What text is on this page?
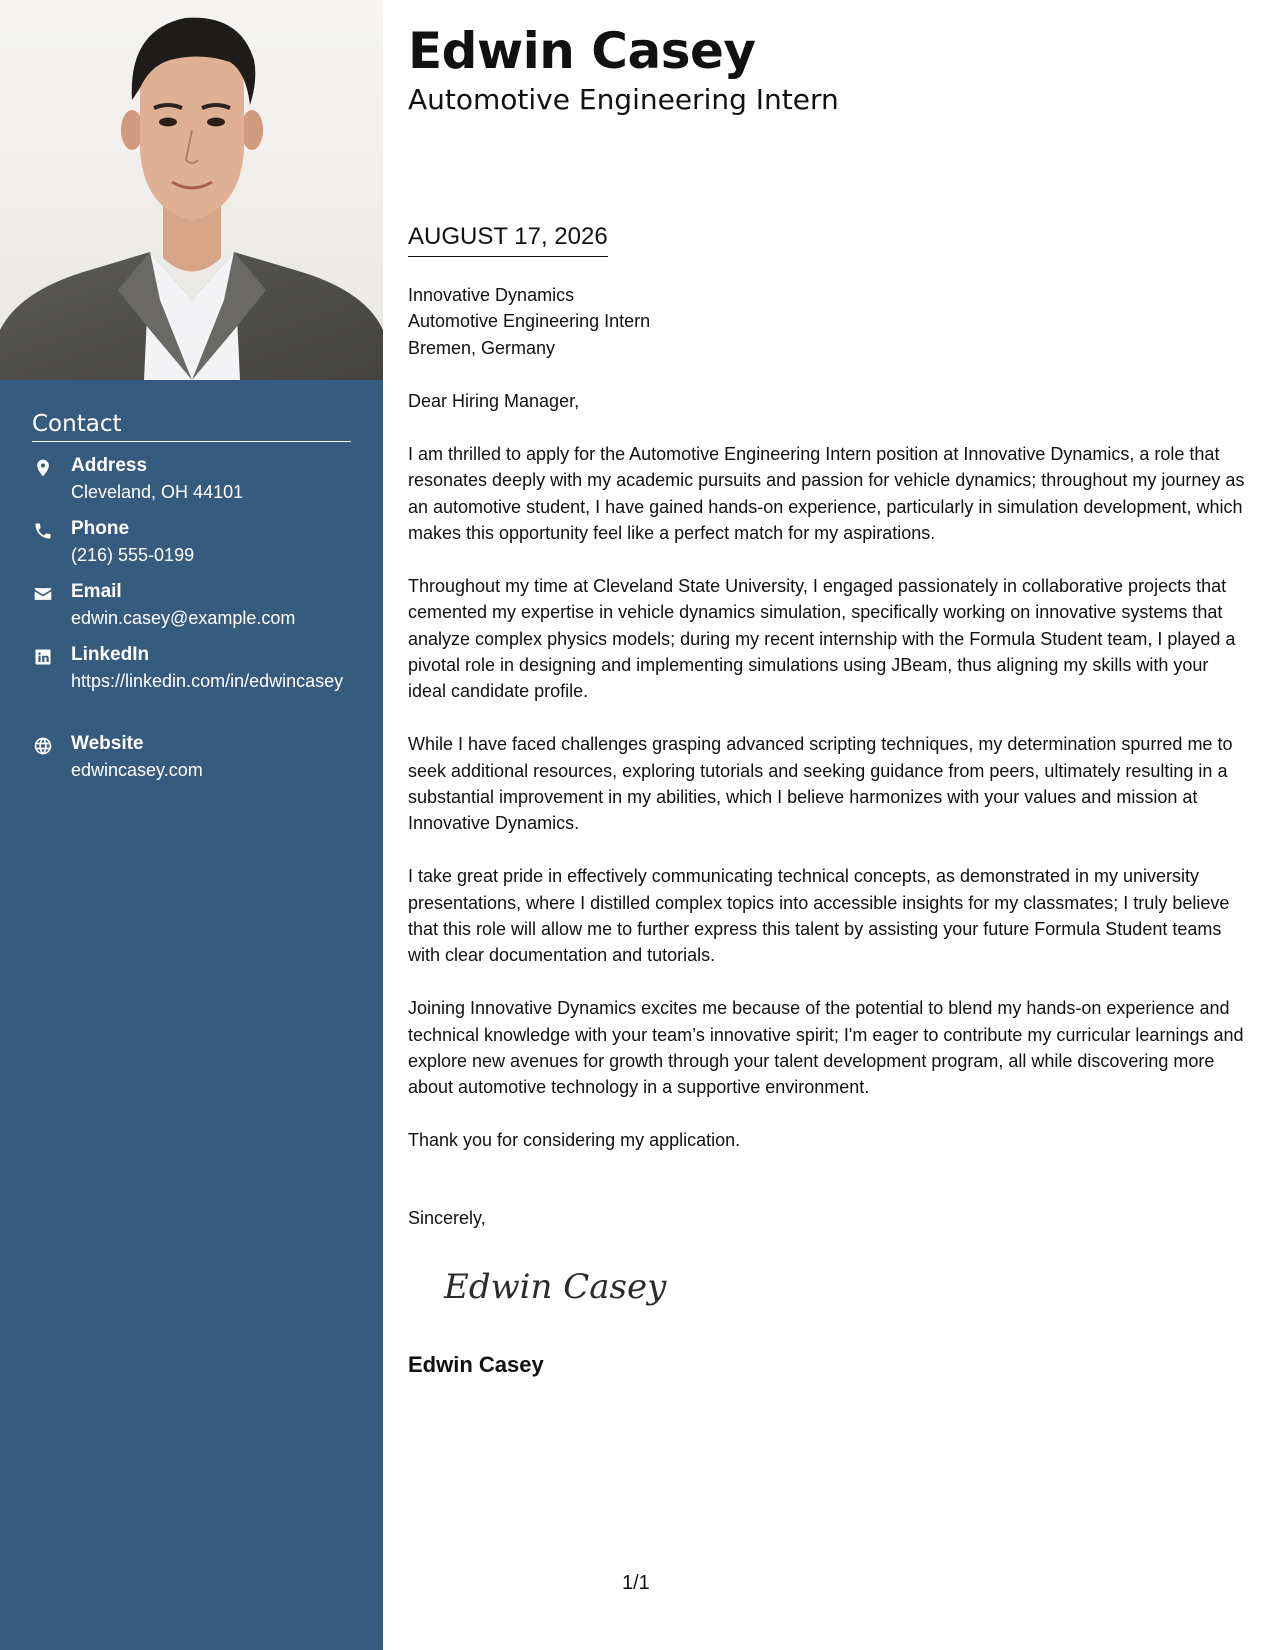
Contact
Address
Cleveland, OH 44101
Phone
(216) 555-0199
Email
edwin.casey@example.com
LinkedIn
https://linkedin.com/in/edwincasey
Website
edwincasey.com
Edwin Casey
Automotive Engineering Intern
AUGUST 17, 2026
Innovative Dynamics
Automotive Engineering Intern
Bremen, Germany

Dear Hiring Manager,

I am thrilled to apply for the Automotive Engineering Intern position at Innovative Dynamics, a role that resonates deeply with my academic pursuits and passion for vehicle dynamics; throughout my journey as an automotive student, I have gained hands-on experience, particularly in simulation development, which makes this opportunity feel like a perfect match for my aspirations.

Throughout my time at Cleveland State University, I engaged passionately in collaborative projects that cemented my expertise in vehicle dynamics simulation, specifically working on innovative systems that analyze complex physics models; during my recent internship with the Formula Student team, I played a pivotal role in designing and implementing simulations using JBeam, thus aligning my skills with your ideal candidate profile.

While I have faced challenges grasping advanced scripting techniques, my determination spurred me to seek additional resources, exploring tutorials and seeking guidance from peers, ultimately resulting in a substantial improvement in my abilities, which I believe harmonizes with your values and mission at Innovative Dynamics.

I take great pride in effectively communicating technical concepts, as demonstrated in my university presentations, where I distilled complex topics into accessible insights for my classmates; I truly believe that this role will allow me to further express this talent by assisting your future Formula Student teams with clear documentation and tutorials.

Joining Innovative Dynamics excites me because of the potential to blend my hands-on experience and technical knowledge with your team’s innovative spirit; I'm eager to contribute my curricular learnings and explore new avenues for growth through your talent development program, all while discovering more about automotive technology in a supportive environment.

Thank you for considering my application.

Sincerely,
Edwin Casey
Edwin Casey
1/1
